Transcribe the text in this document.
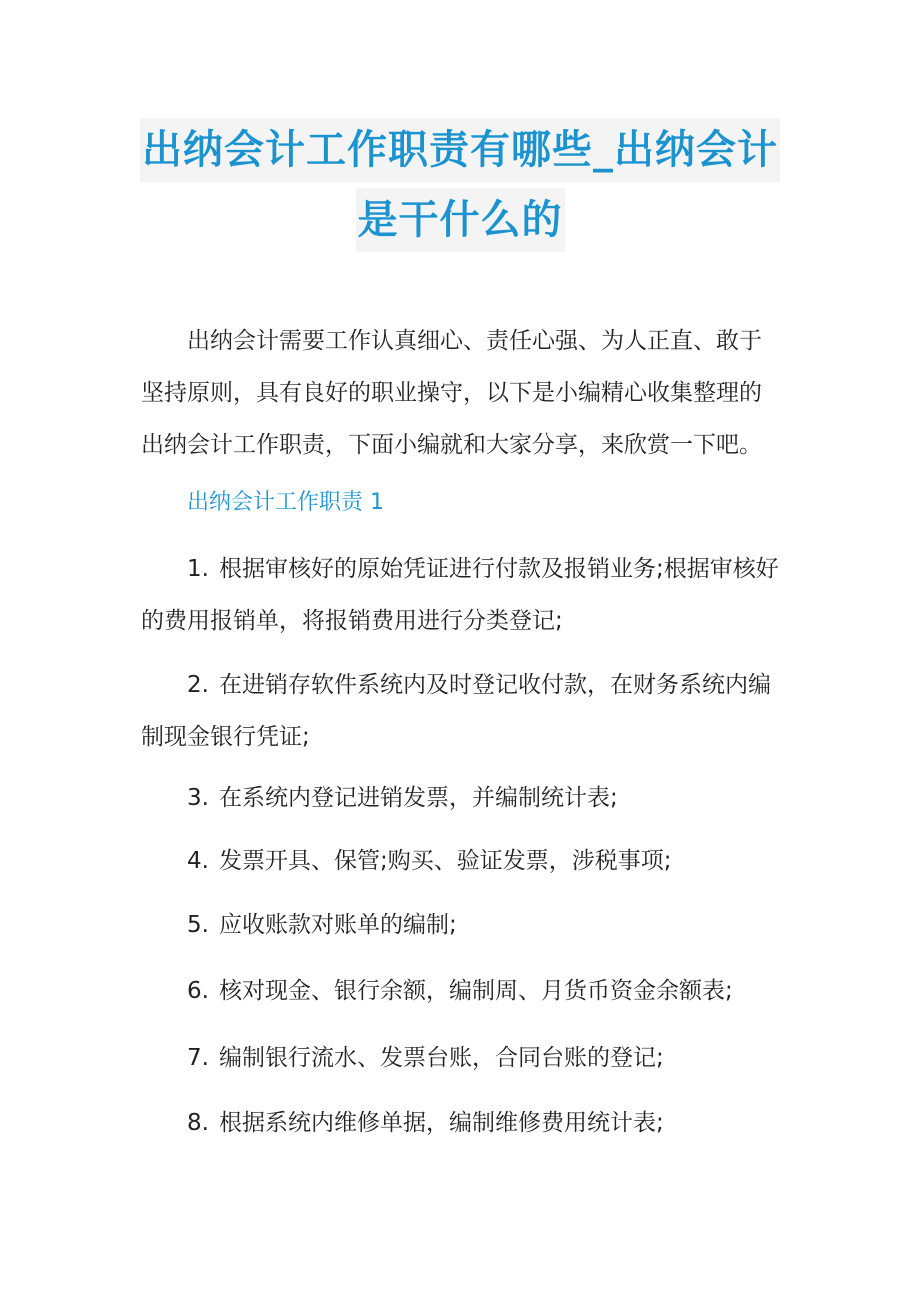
出纳会计工作职责有哪些_出纳会计
是干什么的
出纳会计需要工作认真细心、责任心强、为人正直、敢于坚持原则，具有良好的职业操守，以下是小编精心收集整理的出纳会计工作职责，下面小编就和大家分享，来欣赏一下吧。
出纳会计工作职责 1
1. 根据审核好的原始凭证进行付款及报销业务;根据审核好的费用报销单，将报销费用进行分类登记;
2. 在进销存软件系统内及时登记收付款，在财务系统内编制现金银行凭证;
3. 在系统内登记进销发票，并编制统计表;
4. 发票开具、保管;购买、验证发票，涉税事项;
5. 应收账款对账单的编制;
6. 核对现金、银行余额，编制周、月货币资金余额表;
7. 编制银行流水、发票台账，合同台账的登记;
8. 根据系统内维修单据，编制维修费用统计表;
